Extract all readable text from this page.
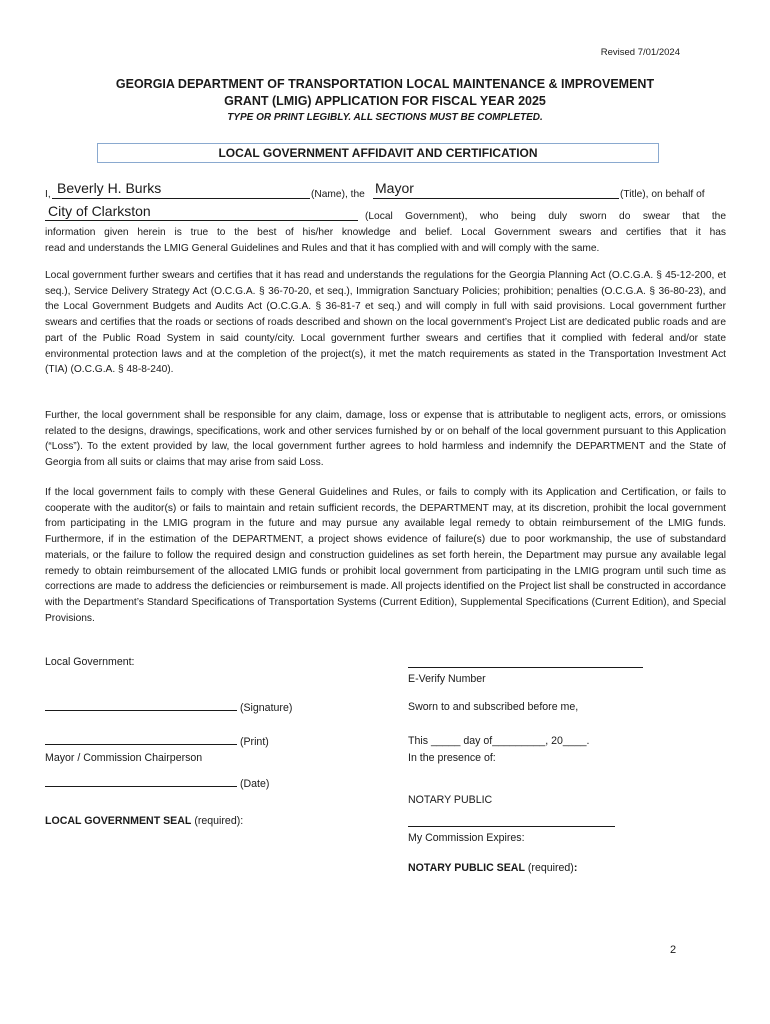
Revised 7/01/2024
GEORGIA DEPARTMENT OF TRANSPORTATION LOCAL MAINTENANCE & IMPROVEMENT
GRANT (LMIG) APPLICATION FOR FISCAL YEAR 2025
TYPE OR PRINT LEGIBLY. ALL SECTIONS MUST BE COMPLETED.
LOCAL GOVERNMENT AFFIDAVIT AND CERTIFICATION
I, Beverly H. Burks	(Name), the Mayor	(Title), on behalf of
City of Clarkston	(Local Government), who being duly sworn do swear that the
information given herein is true to the best of his/her knowledge and belief. Local Government swears and certifies that it has
read and understands the LMIG General Guidelines and Rules and that it has complied with and will comply with the same.
Local government further swears and certifies that it has read and understands the regulations for the Georgia Planning Act (O.C.G.A. § 45-12-200, et seq.), Service Delivery Strategy Act (O.C.G.A. § 36-70-20, et seq.), Immigration Sanctuary Policies; prohibition; penalties (O.C.G.A. § 36-80-23), and the Local Government Budgets and Audits Act (O.C.G.A. § 36-81-7 et seq.) and will comply in full with said provisions. Local government further swears and certifies that the roads or sections of roads described and shown on the local government’s Project List are dedicated public roads and are part of the Public Road System in said county/city. Local government further swears and certifies that it complied with federal and/or state environmental protection laws and at the completion of the project(s), it met the match requirements as stated in the Transportation Investment Act (TIA) (O.C.G.A. § 48-8-240).
Further, the local government shall be responsible for any claim, damage, loss or expense that is attributable to negligent acts, errors, or omissions related to the designs, drawings, specifications, work and other services furnished by or on behalf of the local government pursuant to this Application (“Loss”). To the extent provided by law, the local government further agrees to hold harmless and indemnify the DEPARTMENT and the State of Georgia from all suits or claims that may arise from said Loss.
If the local government fails to comply with these General Guidelines and Rules, or fails to comply with its Application and Certification, or fails to cooperate with the auditor(s) or fails to maintain and retain sufficient records, the DEPARTMENT may, at its discretion, prohibit the local government from participating in the LMIG program in the future and may pursue any available legal remedy to obtain reimbursement of the LMIG funds. Furthermore, if in the estimation of the DEPARTMENT, a project shows evidence of failure(s) due to poor workmanship, the use of substandard materials, or the failure to follow the required design and construction guidelines as set forth herein, the Department may pursue any available legal remedy to obtain reimbursement of the allocated LMIG funds or prohibit local government from participating in the LMIG program until such time as corrections are made to address the deficiencies or reimbursement is made. All projects identified on the Project list shall be constructed in accordance with the Department’s Standard Specifications of Transportation Systems (Current Edition), Supplemental Specifications (Current Edition), and Special Provisions.
Local Government:
(Signature)
(Print)
Mayor / Commission Chairperson
(Date)
LOCAL GOVERNMENT SEAL (required):
E-Verify Number
Sworn to and subscribed before me,
This _____ day of_________, 20____.
In the presence of:
NOTARY PUBLIC
My Commission Expires:
NOTARY PUBLIC SEAL (required):
2
